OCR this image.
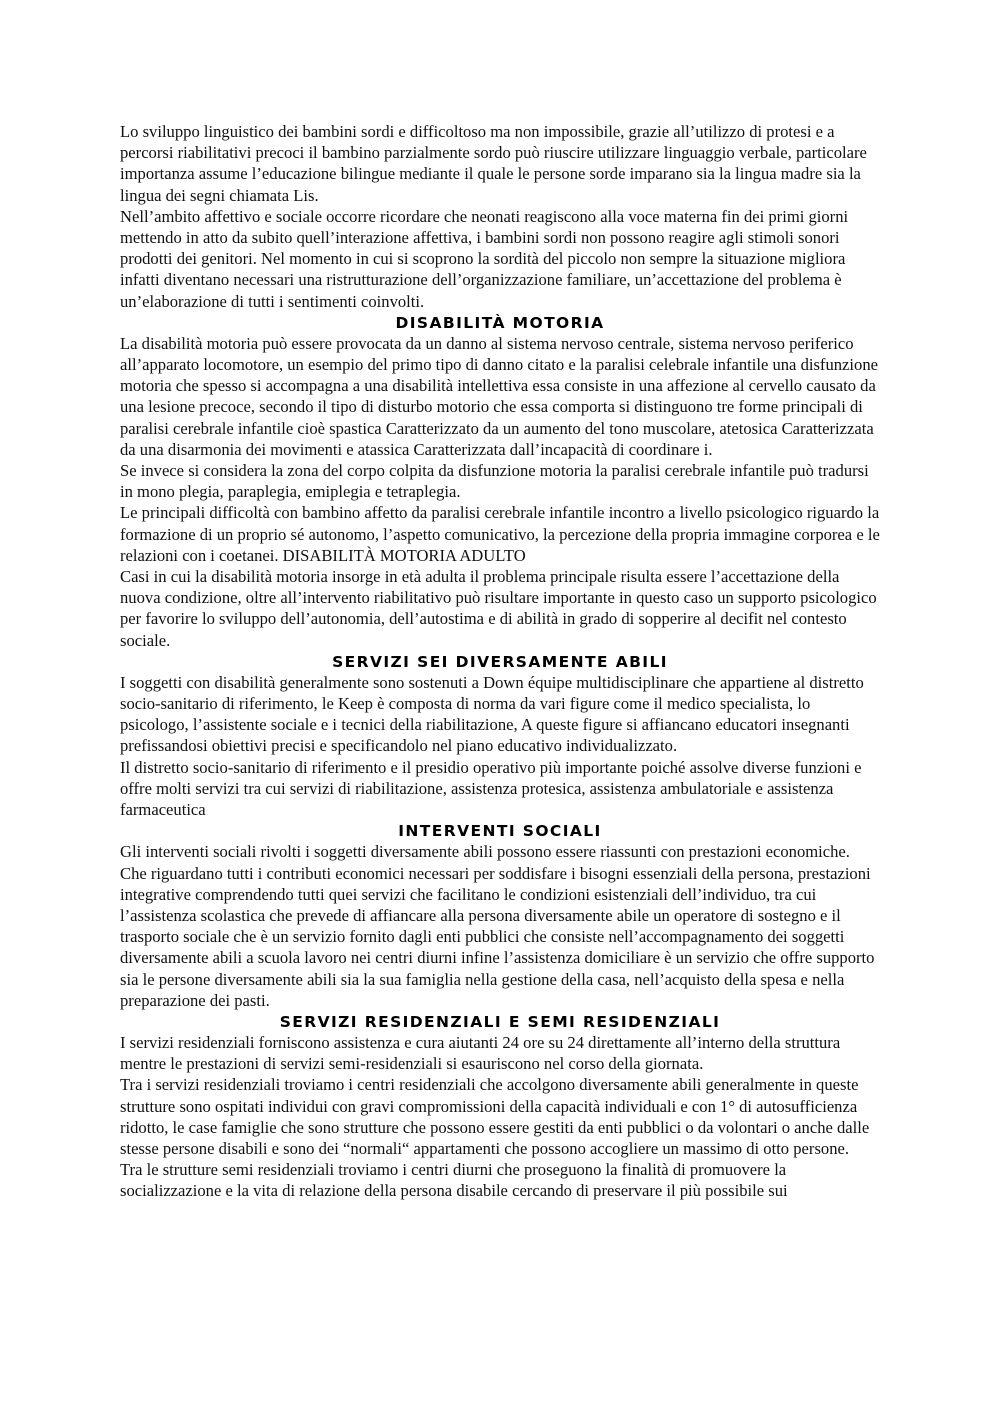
Lo sviluppo linguistico dei bambini sordi e difficoltoso ma non impossibile, grazie all’utilizzo di protesi e a percorsi riabilitativi precoci il bambino parzialmente sordo può riuscire utilizzare linguaggio verbale, particolare importanza assume l’educazione bilingue mediante il quale le persone sorde imparano sia la lingua madre sia la lingua dei segni chiamata Lis.

Nell’ambito affettivo e sociale occorre ricordare che neonati reagiscono alla voce materna fin dei primi giorni mettendo in atto da subito quell’interazione affettiva, i bambini sordi non possono reagire agli stimoli sonori prodotti dei genitori. Nel momento in cui si scoprono la sordità del piccolo non sempre la situazione migliora infatti diventano necessari una ristrutturazione dell’organizzazione familiare, un’accettazione del problema è un’elaborazione di tutti i sentimenti coinvolti.

DISABILITÀ MOTORIA

La disabilità motoria può essere provocata da un danno al sistema nervoso centrale, sistema nervoso periferico all’apparato locomotore, un esempio del primo tipo di danno citato e la paralisi celebrale infantile una disfunzione motoria che spesso si accompagna a una disabilità intellettiva essa consiste in una affezione al cervello causato da una lesione precoce, secondo il tipo di disturbo motorio che essa comporta si distinguono tre forme principali di paralisi cerebrale infantile cioè spastica Caratterizzato da un aumento del tono muscolare, atetosica Caratterizzata da una disarmonia dei movimenti e atassica Caratterizzata dall’incapacità di coordinare i.

Se invece si considera la zona del corpo colpita da disfunzione motoria la paralisi cerebrale infantile può tradursi in mono plegia, paraplegia, emiplegia e tetraplegia.

Le principali difficoltà con bambino affetto da paralisi cerebrale infantile incontro a livello psicologico riguardo la formazione di un proprio sé autonomo, l’aspetto comunicativo, la percezione della propria immagine corporea e le relazioni con i coetanei. DISABILITÀ MOTORIA ADULTO

Casi in cui la disabilità motoria insorge in età adulta il problema principale risulta essere l’accettazione della nuova condizione, oltre all’intervento riabilitativo può risultare importante in questo caso un supporto psicologico per favorire lo sviluppo dell’autonomia, dell’autostima e di abilità in grado di sopperire al decifit nel contesto sociale.

SERVIZI SEI DIVERSAMENTE ABILI

I soggetti con disabilità generalmente sono sostenuti a Down équipe multidisciplinare che appartiene al distretto socio-sanitario di riferimento, le Keep è composta di norma da vari figure come il medico specialista, lo psicologo, l’assistente sociale e i tecnici della riabilitazione, A queste figure si affiancano educatori insegnanti prefissandosi obiettivi precisi e specificandolo nel piano educativo individualizzato.

Il distretto socio-sanitario di riferimento e il presidio operativo più importante poiché assolve diverse funzioni e offre molti servizi tra cui servizi di riabilitazione, assistenza protesica, assistenza ambulatoriale e assistenza farmaceutica

INTERVENTI SOCIALI

Gli interventi sociali rivolti i soggetti diversamente abili possono essere riassunti con prestazioni economiche. Che riguardano tutti i contributi economici necessari per soddisfare i bisogni essenziali della persona, prestazioni integrative comprendendo tutti quei servizi che facilitano le condizioni esistenziali dell’individuo, tra cui l’assistenza scolastica che prevede di affiancare alla persona diversamente abile un operatore di sostegno e il trasporto sociale che è un servizio fornito dagli enti pubblici che consiste nell’accompagnamento dei soggetti diversamente abili a scuola lavoro nei centri diurni infine l’assistenza domiciliare è un servizio che offre supporto sia le persone diversamente abili sia la sua famiglia nella gestione della casa, nell’acquisto della spesa e nella preparazione dei pasti.

SERVIZI RESIDENZIALI E SEMI RESIDENZIALI

I servizi residenziali forniscono assistenza e cura aiutanti 24 ore su 24 direttamente all’interno della struttura mentre le prestazioni di servizi semi-residenziali si esauriscono nel corso della giornata.

Tra i servizi residenziali troviamo i centri residenziali che accolgono diversamente abili generalmente in queste strutture sono ospitati individui con gravi compromissioni della capacità individuali e con 1° di autosufficienza ridotto, le case famiglie che sono strutture che possono essere gestiti da enti pubblici o da volontari o anche dalle stesse persone disabili e sono dei “normali“ appartamenti che possono accogliere un massimo di otto persone.

Tra le strutture semi residenziali troviamo i centri diurni che proseguono la finalità di promuovere la socializzazione e la vita di relazione della persona disabile cercando di preservare il più possibile sui
